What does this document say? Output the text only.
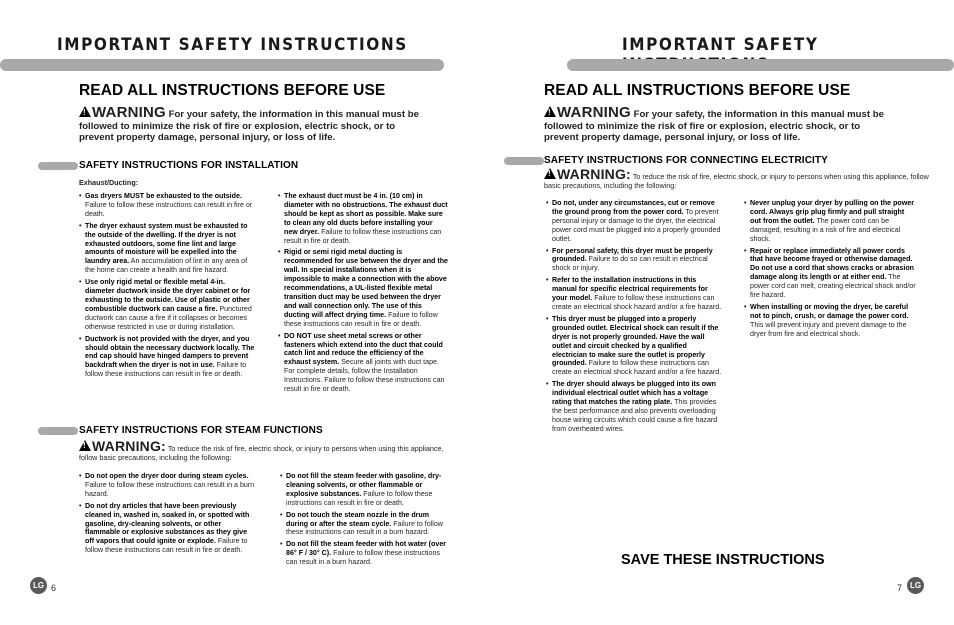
IMPORTANT SAFETY INSTRUCTIONS
READ ALL INSTRUCTIONS BEFORE USE
!WARNING For your safety, the information in this manual must be followed to minimize the risk of fire or explosion, electric shock, or to prevent property damage, personal injury, or loss of life.
SAFETY INSTRUCTIONS FOR INSTALLATION
Exhaust/Ducting:
• Gas dryers MUST be exhausted to the outside. Failure to follow these instructions can result in fire or death.
• The dryer exhaust system must be exhausted to the outside of the dwelling. If the dryer is not exhausted outdoors, some fine lint and large amounts of moisture will be expelled into the laundry area. An accumulation of lint in any area of the home can create a health and fire hazard.
• Use only rigid metal or flexible metal 4-in. diameter ductwork inside the dryer cabinet or for exhausting to the outside. Use of plastic or other combustible ductwork can cause a fire. Punctured ductwork can cause a fire if it collapses or becomes otherwise restricted in use or during installation.
• Ductwork is not provided with the dryer, and you should obtain the necessary ductwork locally. The end cap should have hinged dampers to prevent backdraft when the dryer is not in use. Failure to follow these instructions can result in fire or death.
• The exhaust duct must be 4 in. (10 cm) in diameter with no obstructions. The exhaust duct should be kept as short as possible. Make sure to clean any old ducts before installing your new dryer. Failure to follow these instructions can result in fire or death.
• Rigid or semi rigid metal ducting is recommended for use between the dryer and the wall. In special installations when it is impossible to make a connection with the above recommendations, a UL-listed flexible metal transition duct may be used between the dryer and wall connection only. The use of this ducting will affect drying time. Failure to follow these instructions can result in fire or death.
• DO NOT use sheet metal screws or other fasteners which extend into the duct that could catch lint and reduce the efficiency of the exhaust system. Secure all joints with duct tape. For complete details, follow the Installation Instructions. Failure to follow these instructions can result in fire or death.
SAFETY INSTRUCTIONS FOR STEAM FUNCTIONS
!WARNING: To reduce the risk of fire, electric shock, or injury to persons when using this appliance, follow basic precautions, including the following:
• Do not open the dryer door during steam cycles. Failure to follow these instructions can result in a burn hazard.
• Do not dry articles that have been previously cleaned in, washed in, soaked in, or spotted with gasoline, dry-cleaning solvents, or other flammable or explosive substances as they give off vapors that could ignite or explode. Failure to follow these instructions can result in fire or death.
• Do not fill the steam feeder with gasoline, dry-cleaning solvents, or other flammable or explosive substances. Failure to follow these instructions can result in fire or death.
• Do not touch the steam nozzle in the drum during or after the steam cycle. Failure to follow these instructions can result in a burn hazard.
• Do not fill the steam feeder with hot water (over 86° F / 30° C). Failure to follow these instructions can result in a burn hazard.
LG 6
IMPORTANT SAFETY
READ ALL INSTRUCTIONS BEFORE USE
!WARNING For your safety, the information in this manual must be followed to minimize the risk of fire or explosion, electric shock, or to prevent property damage, personal injury, or loss of life.
SAFETY INSTRUCTIONS FOR CONNECTING ELECTRICITY
!WARNING: To reduce the risk of fire, electric shock, or injury to persons when using this appliance, follow basic precautions, including the following:
• Do not, under any circumstances, cut or remove the ground prong from the power cord. To prevent personal injury or damage to the dryer, the electrical power cord must be plugged into a properly grounded outlet.
• For personal safety, this dryer must be properly grounded. Failure to do so can result in electrical shock or injury.
• Refer to the installation instructions in this manual for specific electrical requirements for your model. Failure to follow these instructions can create an electrical shock hazard and/or a fire hazard.
• This dryer must be plugged into a properly grounded outlet. Electrical shock can result if the dryer is not properly grounded. Have the wall outlet and circuit checked by a qualified electrician to make sure the outlet is properly grounded. Failure to follow these instructions can create an electrical shock hazard and/or a fire hazard.
• The dryer should always be plugged into its own individual electrical outlet which has a voltage rating that matches the rating plate. This provides the best performance and also prevents overloading house wiring circuits which could cause a fire hazard from overheated wires.
• Never unplug your dryer by pulling on the power cord. Always grip plug firmly and pull straight out from the outlet. The power cord can be damaged, resulting in a risk of fire and electrical shock.
• Repair or replace immediately all power cords that have become frayed or otherwise damaged. Do not use a cord that shows cracks or abrasion damage along its length or at either end. The power cord can melt, creating electrical shock and/or fire hazard.
• When installing or moving the dryer, be careful not to pinch, crush, or damage the power cord. This will prevent injury and prevent damage to the dryer from fire and electrical shock.
SAVE THESE INSTRUCTIONS
7 LG
